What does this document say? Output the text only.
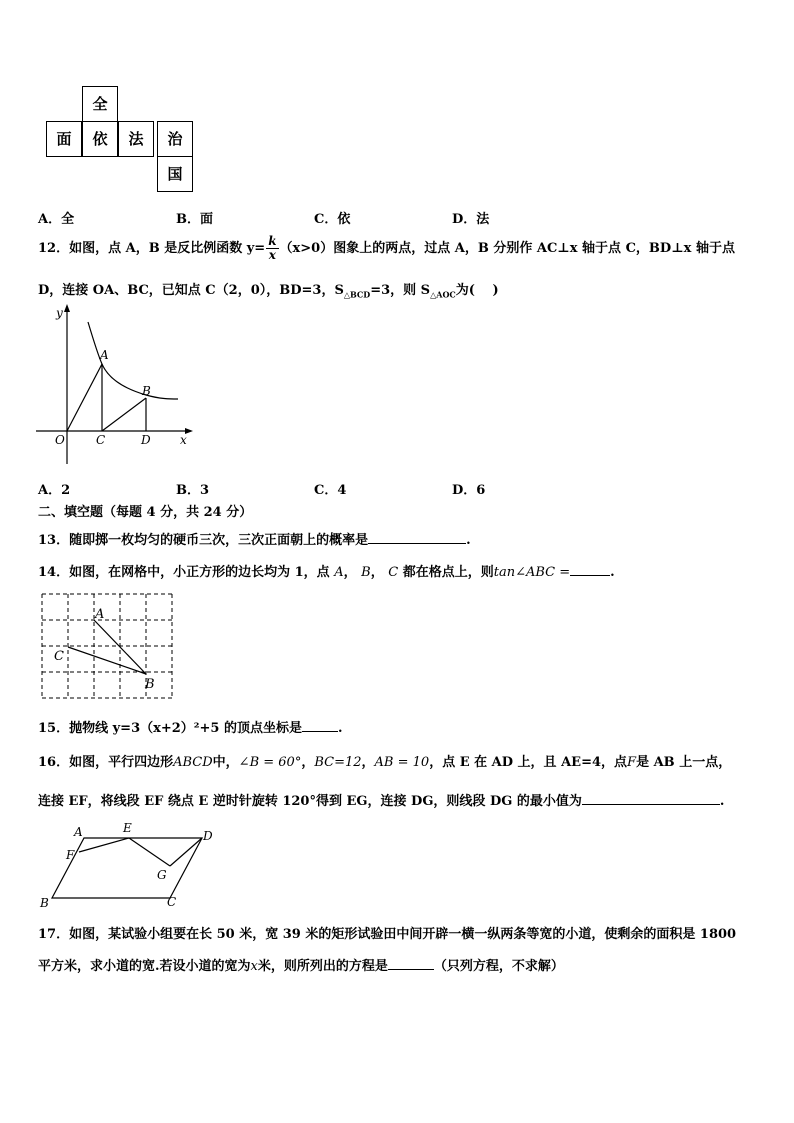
全
面	依	法	治
国
A．全	B．面	C．依	D．法
12．如图，点 A，B 是反比例函数 $y= \frac{k}{x} (x>0)$图象上的两点，过点 A，B 分别作 AC⊥x 轴于点 C，BD⊥x 轴于点
D，连接 OA、BC，已知点 C（2，0），BD=3，$S_{\triangle BCD}=3$，则 $S_{\triangle AOC}$为(　 )
y
x
O
A
B
C	D
A．2	B．3	C．4	D．6
二、填空题（每题 4 分，共 24 分）
13．随即掷一枚均匀的硬币三次，三次正面朝上的概率是	.
14．如图，在网格中，小正方形的边长均为 1，点 A， B， C 都在格点上，则tan∠ABC =	.
A
B
C
15．抛物线 y=3（x+2）²+5 的顶点坐标是	.
16．如图，平行四边形ABCD中，∠B = 60°，BC=12，AB = 10，点 E 在 AD 上，且 AE=4，点F是 AB 上一点，
连接 EF，将线段 EF 绕点 E 逆时针旋转 120°得到 EG，连接 DG，则线段 DG 的最小值为	.
A	E
D
F
G
B	C
17．如图，某试验小组要在长 50 米，宽 39 米的矩形试验田中间开辟一横一纵两条等宽的小道，使剩余的面积是 1800
平方米，求小道的宽.若设小道的宽为x米，则所列出的方程是	（只列方程，不求解）
